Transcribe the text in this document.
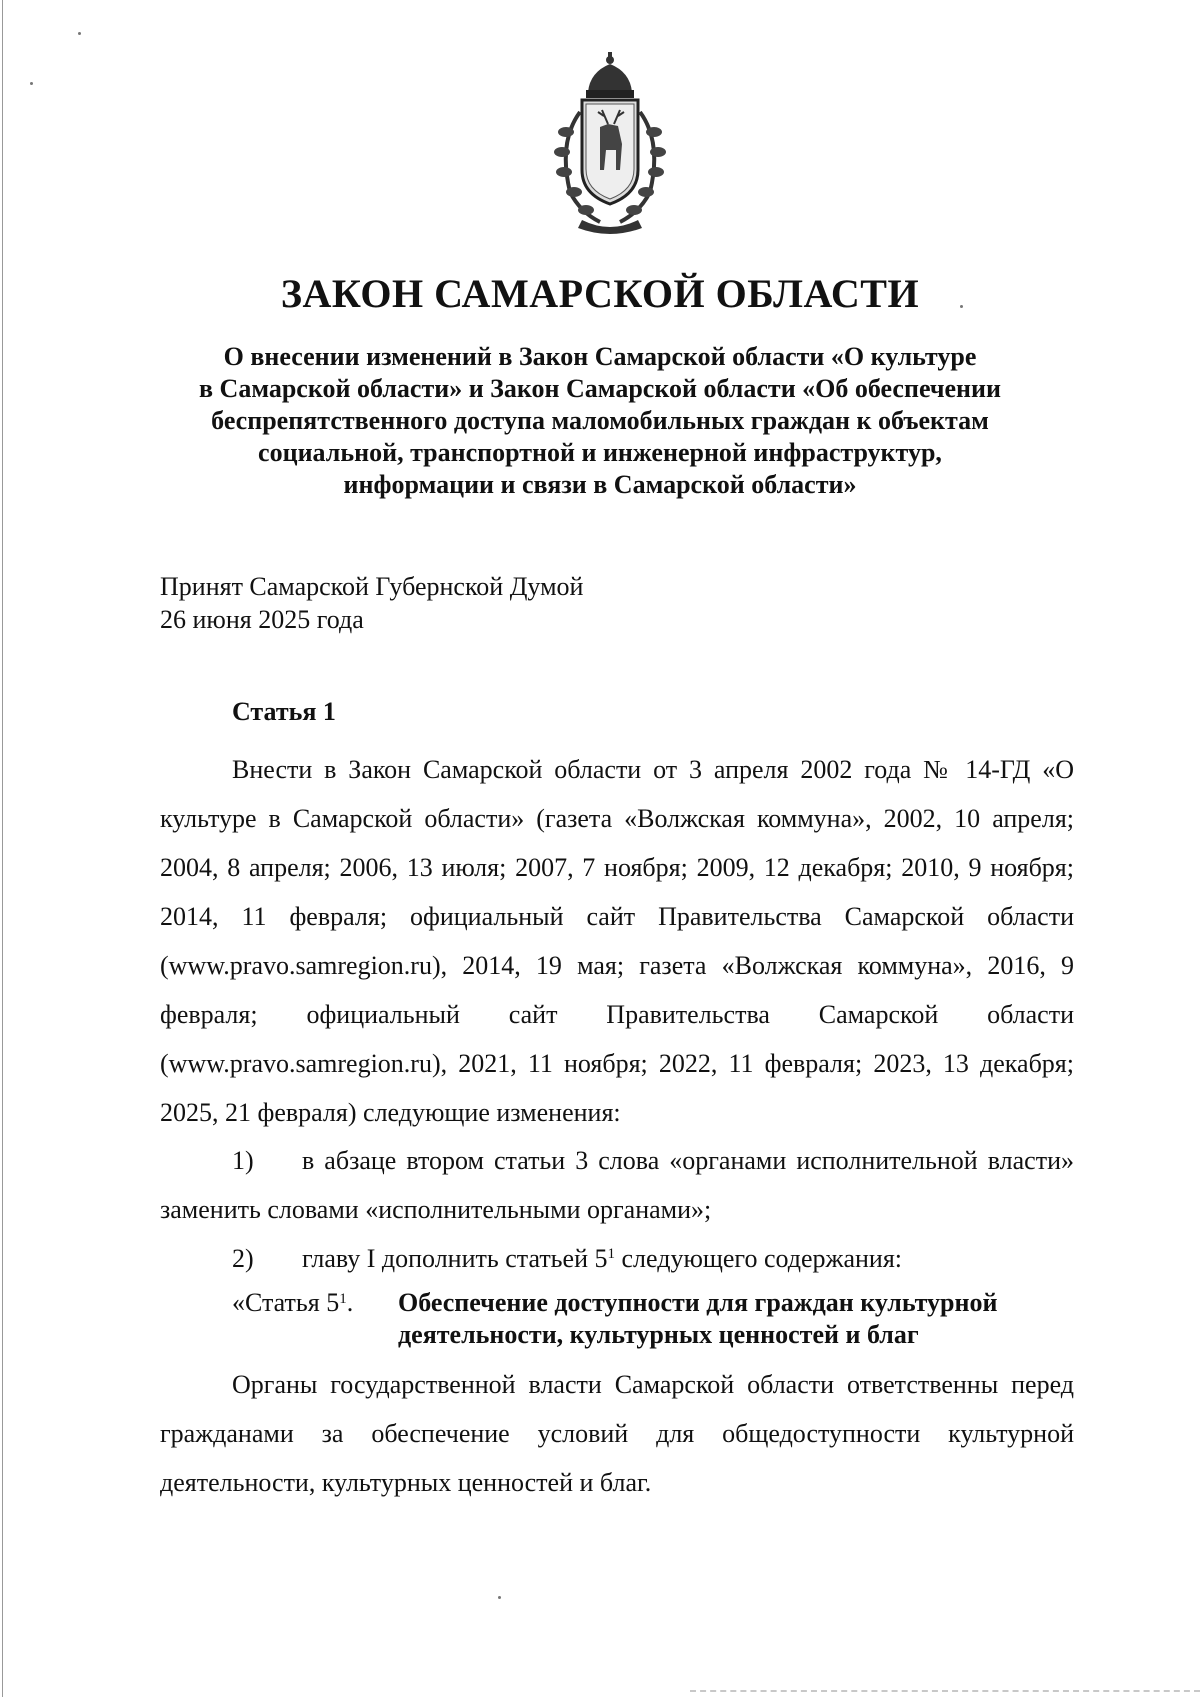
ЗАКОН САМАРСКОЙ ОБЛАСТИ
О внесении изменений в Закон Самарской области «О культуре
в Самарской области» и Закон Самарской области «Об обеспечении
беспрепятственного доступа маломобильных граждан к объектам
социальной, транспортной и инженерной инфраструктур,
информации и связи в Самарской области»
Принят Самарской Губернской Думой
26 июня 2025 года
Статья 1

Внести в Закон Самарской области от 3 апреля 2002 года № 14-ГД «О культуре в Самарской области» (газета «Волжская коммуна», 2002, 10 апреля; 2004, 8 апреля; 2006, 13 июля; 2007, 7 ноября; 2009, 12 декабря; 2010, 9 ноября; 2014, 11 февраля; официальный сайт Правительства Самарской области (www.pravo.samregion.ru), 2014, 19 мая; газета «Волжская коммуна», 2016, 9 февраля; официальный сайт Правительства Самарской области (www.pravo.samregion.ru), 2021, 11 ноября; 2022, 11 февраля; 2023, 13 декабря; 2025, 21 февраля) следующие изменения:

1) в абзаце втором статьи 3 слова «органами исполнительной власти» заменить словами «исполнительными органами»;

2) главу I дополнить статьей $5^1$ следующего содержания:

«Статья $5^1$. Обеспечение доступности для граждан культурной
деятельности, культурных ценностей и благ

Органы государственной власти Самарской области ответственны перед гражданами за обеспечение условий для общедоступности культурной деятельности, культурных ценностей и благ.
